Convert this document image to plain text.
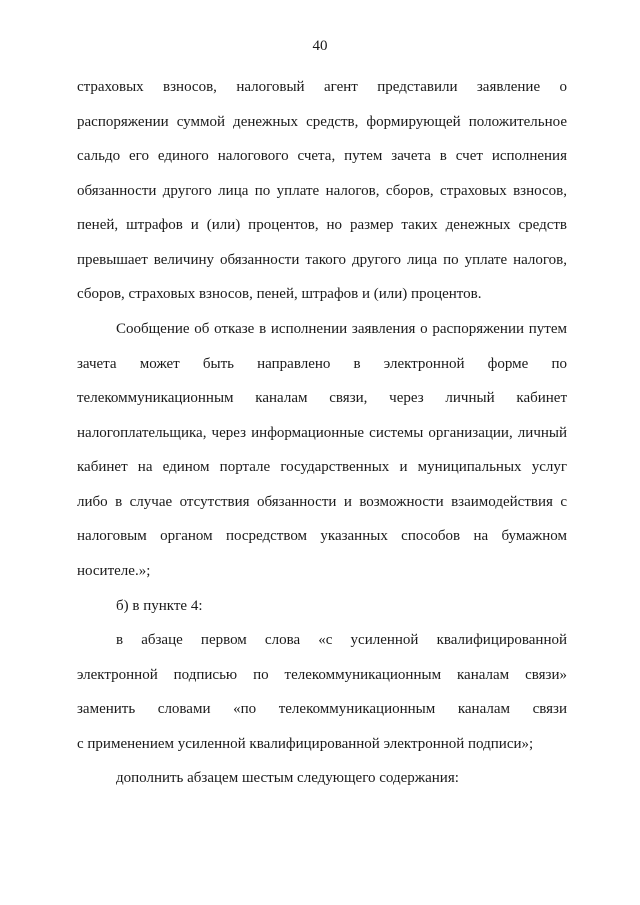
40
страховых взносов, налоговый агент представили заявление о
распоряжении суммой денежных средств, формирующей положительное
сальдо его единого налогового счета, путем зачета в счет исполнения
обязанности другого лица по уплате налогов, сборов, страховых взносов,
пеней, штрафов и (или) процентов, но размер таких денежных средств
превышает величину обязанности такого другого лица по уплате налогов,
сборов, страховых взносов, пеней, штрафов и (или) процентов.
Сообщение об отказе в исполнении заявления о распоряжении путем
зачета может быть направлено в электронной форме по
телекоммуникационным каналам связи, через личный кабинет
налогоплательщика, через информационные системы организации, личный
кабинет на едином портале государственных и муниципальных услуг
либо в случае отсутствия обязанности и возможности взаимодействия с
налоговым органом посредством указанных способов на бумажном
носителе.»;
б) в пункте 4:
в абзаце первом слова «с усиленной квалифицированной
электронной подписью по телекоммуникационным каналам связи»
заменить словами «по телекоммуникационным каналам связи
с применением усиленной квалифицированной электронной подписи»;
дополнить абзацем шестым следующего содержания:
